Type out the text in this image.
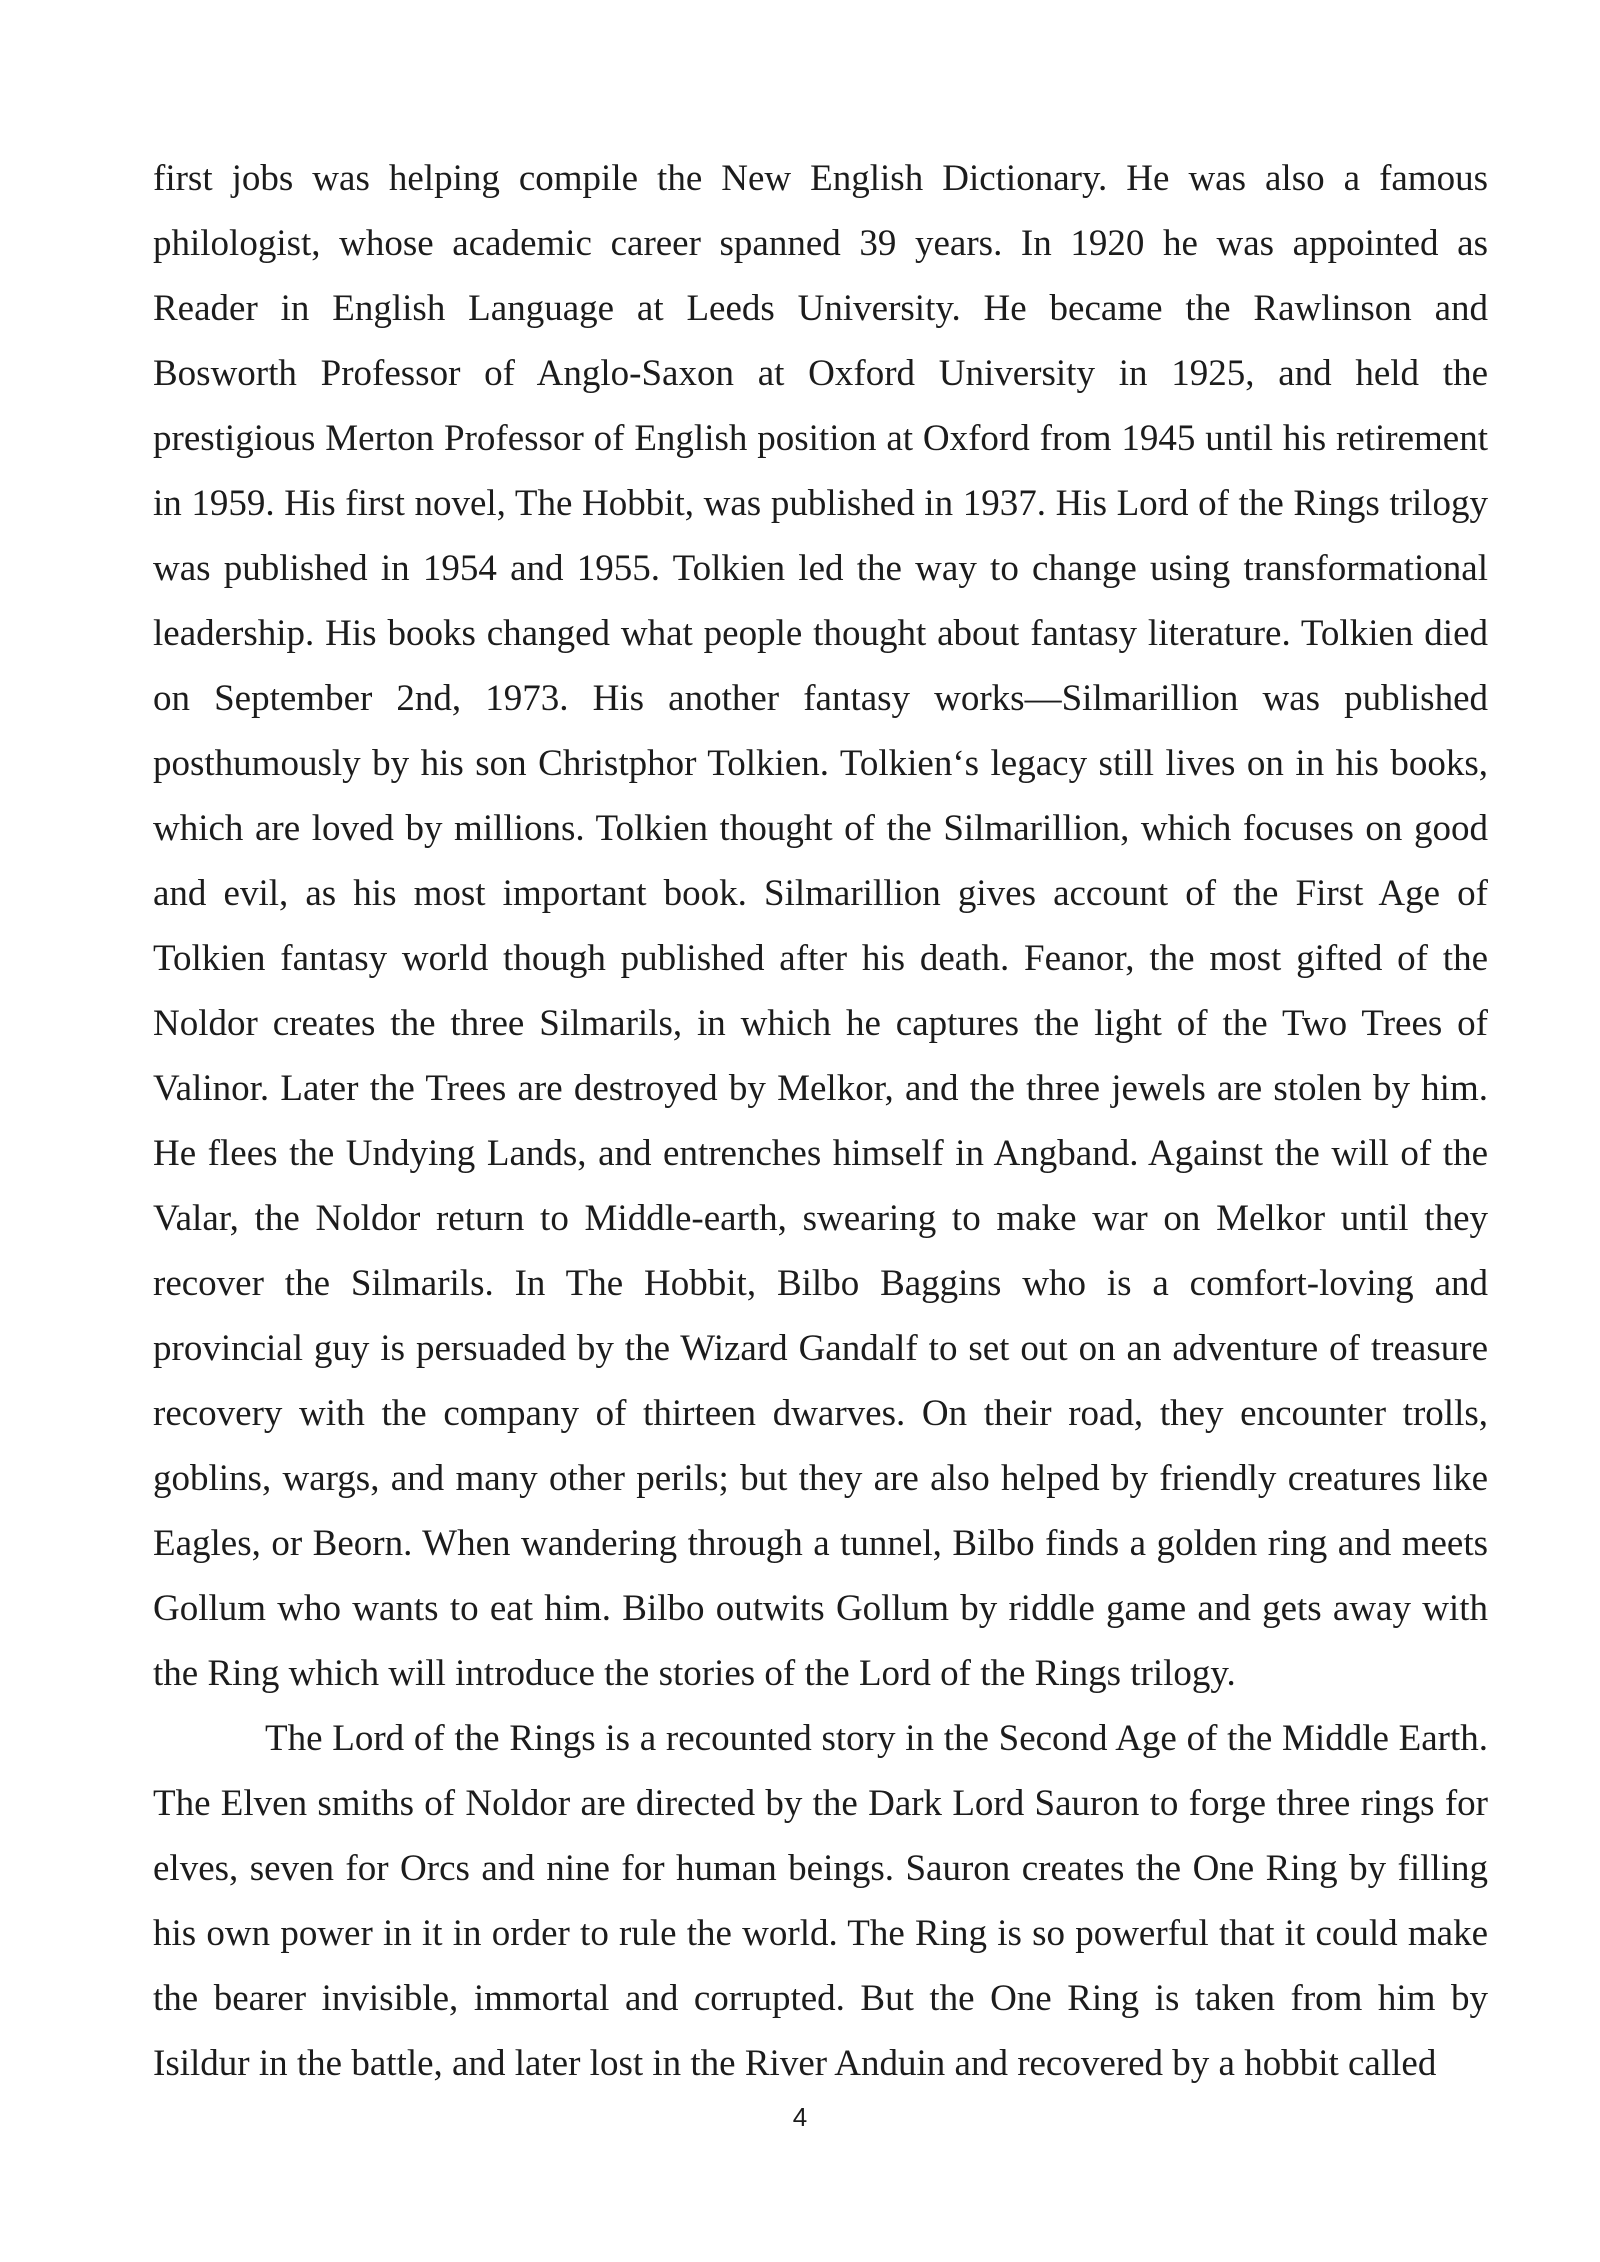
first jobs was helping compile the New English Dictionary. He was also a famous philologist, whose academic career spanned 39 years. In 1920 he was appointed as Reader in English Language at Leeds University. He became the Rawlinson and Bosworth Professor of Anglo-Saxon at Oxford University in 1925, and held the prestigious Merton Professor of English position at Oxford from 1945 until his retirement in 1959. His first novel, The Hobbit, was published in 1937. His Lord of the Rings trilogy was published in 1954 and 1955. Tolkien led the way to change using transformational leadership. His books changed what people thought about fantasy literature. Tolkien died on September 2nd, 1973. His another fantasy works—Silmarillion was published posthumously by his son Christphor Tolkien. Tolkien‘s legacy still lives on in his books, which are loved by millions. Tolkien thought of the Silmarillion, which focuses on good and evil, as his most important book. Silmarillion gives account of the First Age of Tolkien fantasy world though published after his death. Feanor, the most gifted of the Noldor creates the three Silmarils, in which he captures the light of the Two Trees of Valinor. Later the Trees are destroyed by Melkor, and the three jewels are stolen by him. He flees the Undying Lands, and entrenches himself in Angband. Against the will of the Valar, the Noldor return to Middle-earth, swearing to make war on Melkor until they recover the Silmarils. In The Hobbit, Bilbo Baggins who is a comfort-loving and provincial guy is persuaded by the Wizard Gandalf to set out on an adventure of treasure recovery with the company of thirteen dwarves. On their road, they encounter trolls, goblins, wargs, and many other perils; but they are also helped by friendly creatures like Eagles, or Beorn. When wandering through a tunnel, Bilbo finds a golden ring and meets Gollum who wants to eat him. Bilbo outwits Gollum by riddle game and gets away with the Ring which will introduce the stories of the Lord of the Rings trilogy.

The Lord of the Rings is a recounted story in the Second Age of the Middle Earth. The Elven smiths of Noldor are directed by the Dark Lord Sauron to forge three rings for elves, seven for Orcs and nine for human beings. Sauron creates the One Ring by filling his own power in it in order to rule the world. The Ring is so powerful that it could make the bearer invisible, immortal and corrupted. But the One Ring is taken from him by Isildur in the battle, and later lost in the River Anduin and recovered by a hobbit called

4
